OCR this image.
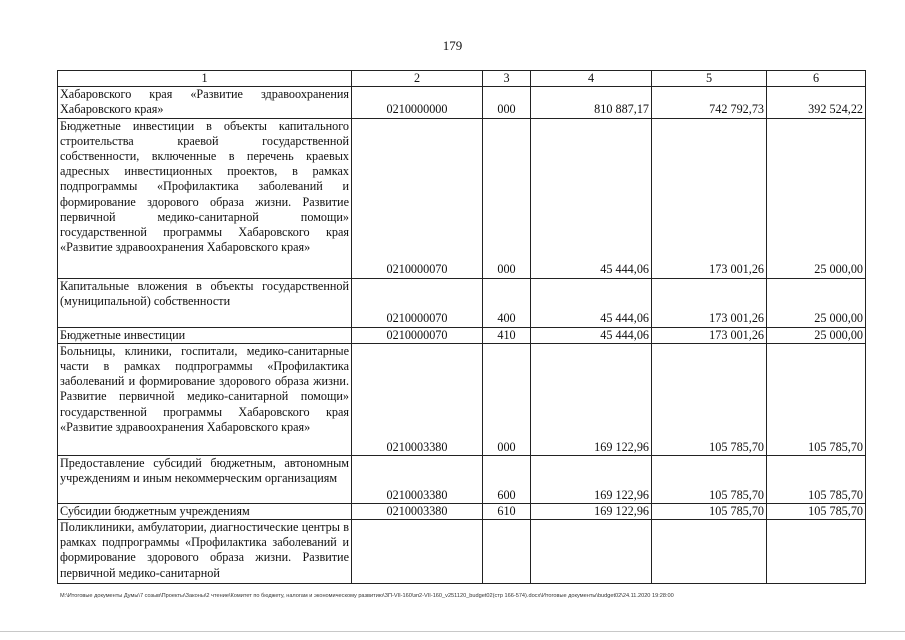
179
1	2	3	4	5	6

Хабаровского края «Развитие здравоохранения Хабаровского края»	0210000000	000	810 887,17	742 792,73	392 524,22

Бюджетные инвестиции в объекты капитального строительства краевой государственной собственности, включенные в перечень краевых адресных инвестиционных проектов, в рамках подпрограммы «Профилактика заболеваний и формирование здорового образа жизни. Развитие первичной медико-санитарной помощи» государственной программы Хабаровского края «Развитие здравоохранения Хабаровского края»	0210000070	000	45 444,06	173 001,26	25 000,00

Капитальные вложения в объекты государственной (муниципальной) собственности	0210000070	400	45 444,06	173 001,26	25 000,00

Бюджетные инвестиции	0210000070	410	45 444,06	173 001,26	25 000,00

Больницы, клиники, госпитали, медико-санитарные части в рамках подпрограммы «Профилактика заболеваний и формирование здорового образа жизни. Развитие первичной медико-санитарной помощи» государственной программы Хабаровского края «Развитие здравоохранения Хабаровского края»	0210003380	000	169 122,96	105 785,70	105 785,70

Предоставление субсидий бюджетным, автономным учреждениям и иным некоммерческим организациям	0210003380	600	169 122,96	105 785,70	105 785,70

Субсидии бюджетным учреждениям	0210003380	610	169 122,96	105 785,70	105 785,70

Поликлиники, амбулатории, диагностические центры в рамках подпрограммы «Профилактика заболеваний и формирование здорового образа жизни. Развитие первичной медико-санитарной					

M:\Итоговые документы Думы\7 созыв\Проекты\Законы\2 чтение\Комитет по бюджету, налогам и экономическому развитию\ЗП-VII-160\зп2-VII-160_v251120_budget02(стр 166-574).docx\Итоговые документы\budget02\24.11.2020 19:28:00
